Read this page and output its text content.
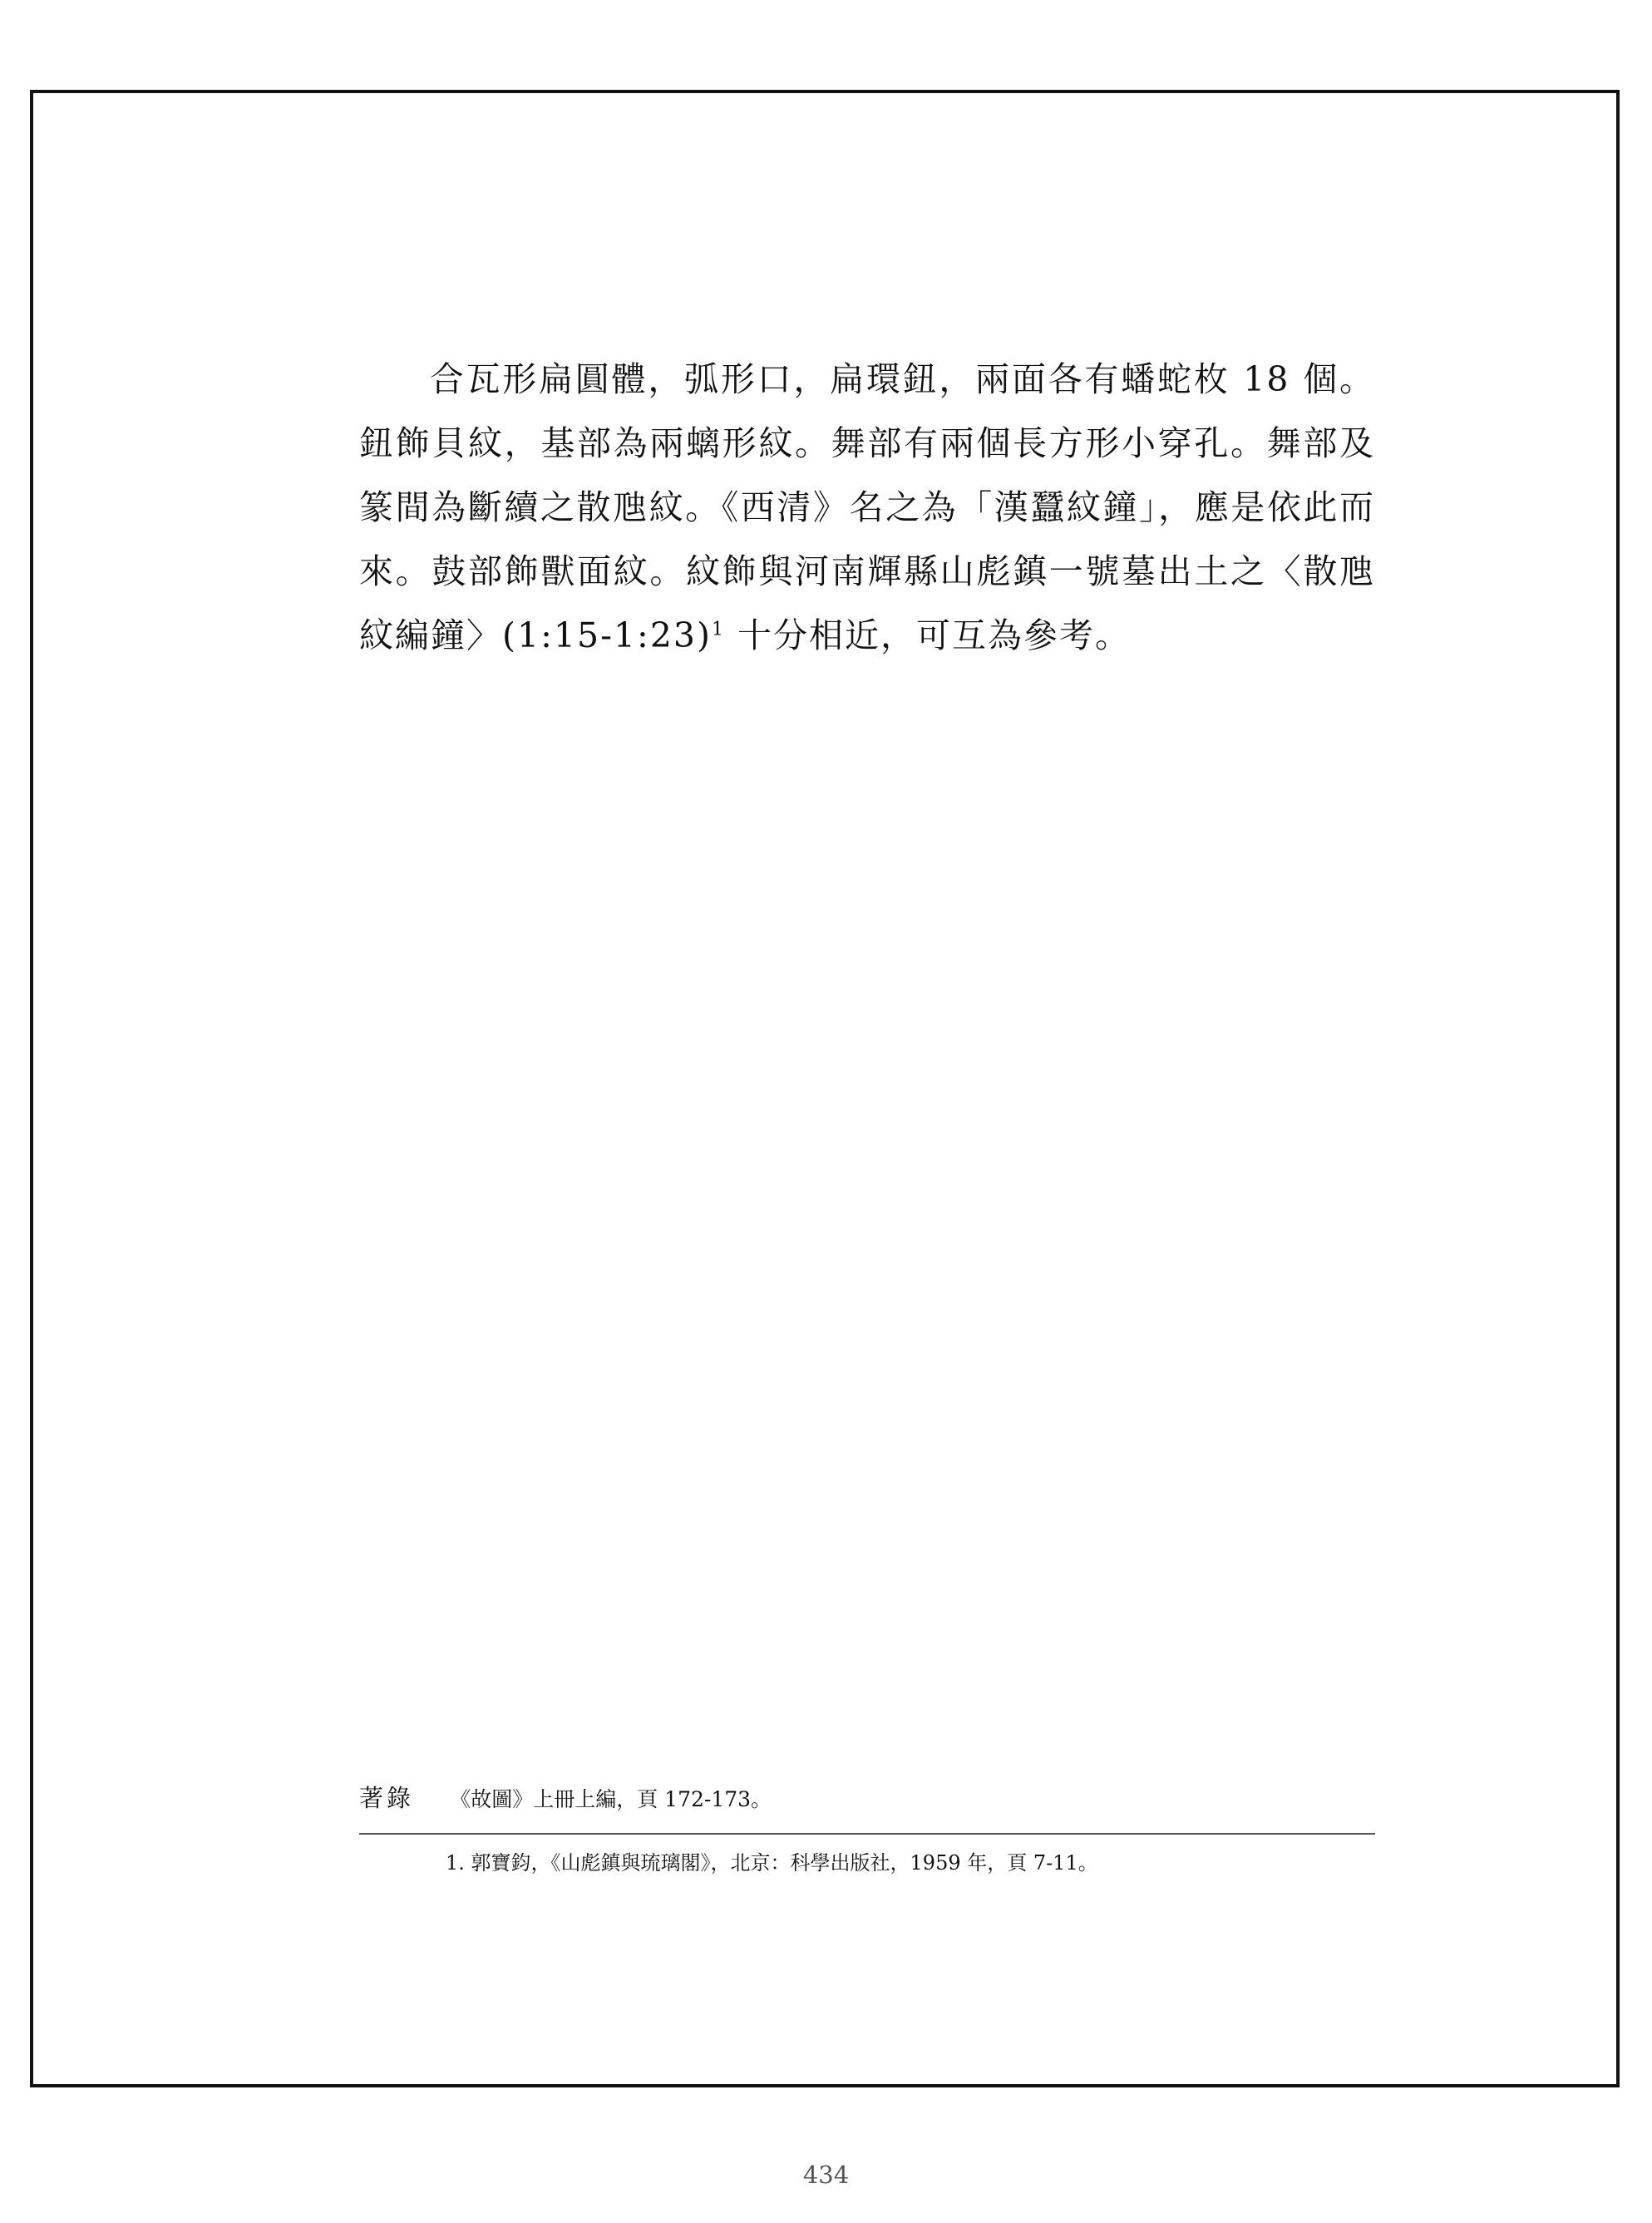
合瓦形扁圓體，弧形口，扁環鈕，兩面各有蟠蛇枚 18 個。鈕飾貝紋，基部為兩螭形紋。舞部有兩個長方形小穿孔。舞部及篆間為斷續之散虺紋。《西清》名之為「漢蠶紋鐘」，應是依此而來。鼓部飾獸面紋。紋飾與河南輝縣山彪鎮一號墓出土之〈散虺紋編鐘〉(1:15-1:23)$^1$ 十分相近，可互為參考。

著錄 《故圖》上冊上編，頁 172-173。
1. 郭寶鈞，《山彪鎮與琉璃閣》，北京：科學出版社，1959 年，頁 7-11。
434
